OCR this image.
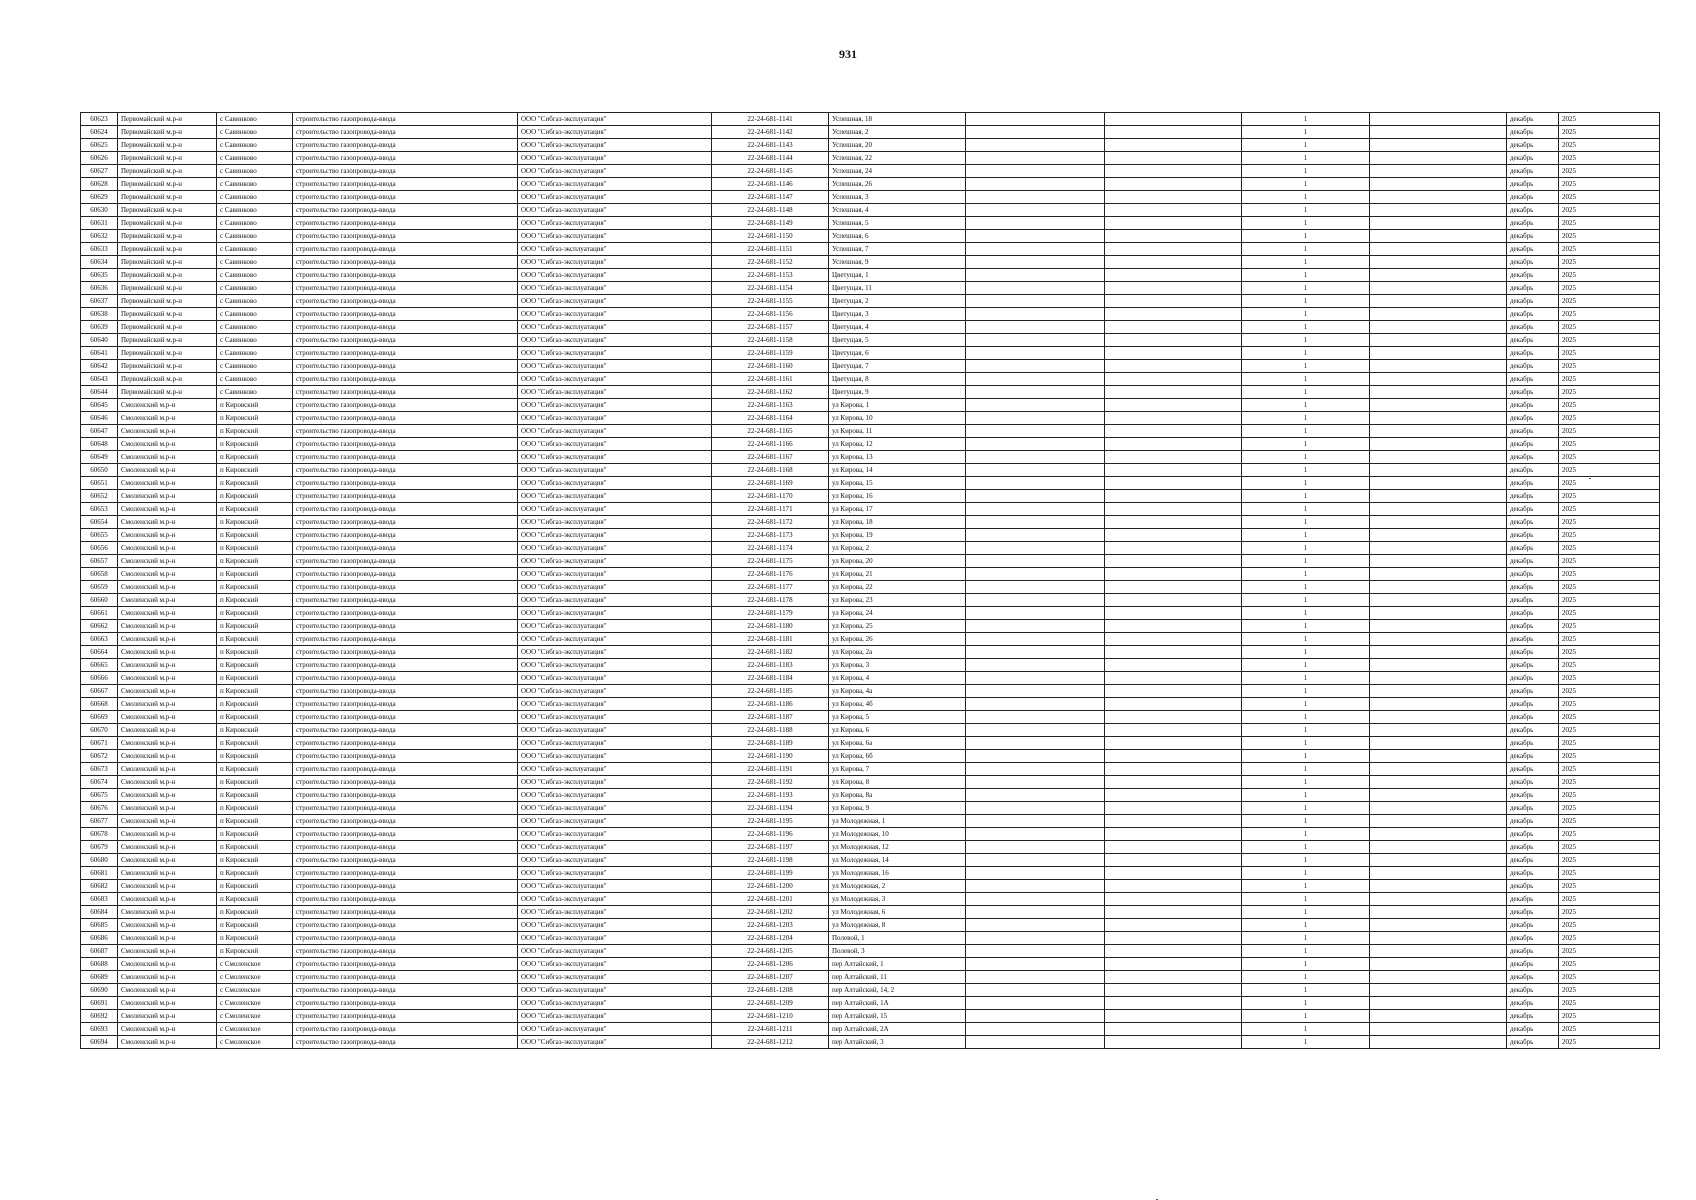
931
60623	Первомайский м.р-н	с Савинково	строительство газопровода-ввода	ООО "Сибгаз-эксплуатация"	22-24-681-1141	Успешная, 18			1		декабрь	2025
60624	Первомайский м.р-н	с Савинково	строительство газопровода-ввода	ООО "Сибгаз-эксплуатация"	22-24-681-1142	Успешная, 2			1		декабрь	2025
60625	Первомайский м.р-н	с Савинково	строительство газопровода-ввода	ООО "Сибгаз-эксплуатация"	22-24-681-1143	Успешная, 20			1		декабрь	2025
60626	Первомайский м.р-н	с Савинково	строительство газопровода-ввода	ООО "Сибгаз-эксплуатация"	22-24-681-1144	Успешная, 22			1		декабрь	2025
60627	Первомайский м.р-н	с Савинково	строительство газопровода-ввода	ООО "Сибгаз-эксплуатация"	22-24-681-1145	Успешная, 24			1		декабрь	2025
60628	Первомайский м.р-н	с Савинково	строительство газопровода-ввода	ООО "Сибгаз-эксплуатация"	22-24-681-1146	Успешная, 26			1		декабрь	2025
60629	Первомайский м.р-н	с Савинково	строительство газопровода-ввода	ООО "Сибгаз-эксплуатация"	22-24-681-1147	Успешная, 3			1		декабрь	2025
60630	Первомайский м.р-н	с Савинково	строительство газопровода-ввода	ООО "Сибгаз-эксплуатация"	22-24-681-1148	Успешная, 4			1		декабрь	2025
60631	Первомайский м.р-н	с Савинково	строительство газопровода-ввода	ООО "Сибгаз-эксплуатация"	22-24-681-1149	Успешная, 5			1		декабрь	2025
60632	Первомайский м.р-н	с Савинково	строительство газопровода-ввода	ООО "Сибгаз-эксплуатация"	22-24-681-1150	Успешная, 6			1		декабрь	2025
60633	Первомайский м.р-н	с Савинково	строительство газопровода-ввода	ООО "Сибгаз-эксплуатация"	22-24-681-1151	Успешная, 7			1		декабрь	2025
60634	Первомайский м.р-н	с Савинково	строительство газопровода-ввода	ООО "Сибгаз-эксплуатация"	22-24-681-1152	Успешная, 9			1		декабрь	2025
60635	Первомайский м.р-н	с Савинково	строительство газопровода-ввода	ООО "Сибгаз-эксплуатация"	22-24-681-1153	Цветущая, 1			1		декабрь	2025
60636	Первомайский м.р-н	с Савинково	строительство газопровода-ввода	ООО "Сибгаз-эксплуатация"	22-24-681-1154	Цветущая, 11			1		декабрь	2025
60637	Первомайский м.р-н	с Савинково	строительство газопровода-ввода	ООО "Сибгаз-эксплуатация"	22-24-681-1155	Цветущая, 2			1		декабрь	2025
60638	Первомайский м.р-н	с Савинково	строительство газопровода-ввода	ООО "Сибгаз-эксплуатация"	22-24-681-1156	Цветущая, 3			1		декабрь	2025
60639	Первомайский м.р-н	с Савинково	строительство газопровода-ввода	ООО "Сибгаз-эксплуатация"	22-24-681-1157	Цветущая, 4			1		декабрь	2025
60640	Первомайский м.р-н	с Савинково	строительство газопровода-ввода	ООО "Сибгаз-эксплуатация"	22-24-681-1158	Цветущая, 5			1		декабрь	2025
60641	Первомайский м.р-н	с Савинково	строительство газопровода-ввода	ООО "Сибгаз-эксплуатация"	22-24-681-1159	Цветущая, 6			1		декабрь	2025
60642	Первомайский м.р-н	с Савинково	строительство газопровода-ввода	ООО "Сибгаз-эксплуатация"	22-24-681-1160	Цветущая, 7			1		декабрь	2025
60643	Первомайский м.р-н	с Савинково	строительство газопровода-ввода	ООО "Сибгаз-эксплуатация"	22-24-681-1161	Цветущая, 8			1		декабрь	2025
60644	Первомайский м.р-н	с Савинково	строительство газопровода-ввода	ООО "Сибгаз-эксплуатация"	22-24-681-1162	Цветущая, 9			1		декабрь	2025
60645	Смоленский м.р-н	п Кировский	строительство газопровода-ввода	ООО "Сибгаз-эксплуатация"	22-24-681-1163	ул Кирова, 1			1		декабрь	2025
60646	Смоленский м.р-н	п Кировский	строительство газопровода-ввода	ООО "Сибгаз-эксплуатация"	22-24-681-1164	ул Кирова, 10			1		декабрь	2025
60647	Смоленский м.р-н	п Кировский	строительство газопровода-ввода	ООО "Сибгаз-эксплуатация"	22-24-681-1165	ул Кирова, 11			1		декабрь	2025
60648	Смоленский м.р-н	п Кировский	строительство газопровода-ввода	ООО "Сибгаз-эксплуатация"	22-24-681-1166	ул Кирова, 12			1		декабрь	2025
60649	Смоленский м.р-н	п Кировский	строительство газопровода-ввода	ООО "Сибгаз-эксплуатация"	22-24-681-1167	ул Кирова, 13			1		декабрь	2025
60650	Смоленский м.р-н	п Кировский	строительство газопровода-ввода	ООО "Сибгаз-эксплуатация"	22-24-681-1168	ул Кирова, 14			1		декабрь	2025
60651	Смоленский м.р-н	п Кировский	строительство газопровода-ввода	ООО "Сибгаз-эксплуатация"	22-24-681-1169	ул Кирова, 15			1		декабрь	2025
60652	Смоленский м.р-н	п Кировский	строительство газопровода-ввода	ООО "Сибгаз-эксплуатация"	22-24-681-1170	ул Кирова, 16			1		декабрь	2025
60653	Смоленский м.р-н	п Кировский	строительство газопровода-ввода	ООО "Сибгаз-эксплуатация"	22-24-681-1171	ул Кирова, 17			1		декабрь	2025
60654	Смоленский м.р-н	п Кировский	строительство газопровода-ввода	ООО "Сибгаз-эксплуатация"	22-24-681-1172	ул Кирова, 18			1		декабрь	2025
60655	Смоленский м.р-н	п Кировский	строительство газопровода-ввода	ООО "Сибгаз-эксплуатация"	22-24-681-1173	ул Кирова, 19			1		декабрь	2025
60656	Смоленский м.р-н	п Кировский	строительство газопровода-ввода	ООО "Сибгаз-эксплуатация"	22-24-681-1174	ул Кирова, 2			1		декабрь	2025
60657	Смоленский м.р-н	п Кировский	строительство газопровода-ввода	ООО "Сибгаз-эксплуатация"	22-24-681-1175	ул Кирова, 20			1		декабрь	2025
60658	Смоленский м.р-н	п Кировский	строительство газопровода-ввода	ООО "Сибгаз-эксплуатация"	22-24-681-1176	ул Кирова, 21			1		декабрь	2025
60659	Смоленский м.р-н	п Кировский	строительство газопровода-ввода	ООО "Сибгаз-эксплуатация"	22-24-681-1177	ул Кирова, 22			1		декабрь	2025
60660	Смоленский м.р-н	п Кировский	строительство газопровода-ввода	ООО "Сибгаз-эксплуатация"	22-24-681-1178	ул Кирова, 23			1		декабрь	2025
60661	Смоленский м.р-н	п Кировский	строительство газопровода-ввода	ООО "Сибгаз-эксплуатация"	22-24-681-1179	ул Кирова, 24			1		декабрь	2025
60662	Смоленский м.р-н	п Кировский	строительство газопровода-ввода	ООО "Сибгаз-эксплуатация"	22-24-681-1180	ул Кирова, 25			1		декабрь	2025
60663	Смоленский м.р-н	п Кировский	строительство газопровода-ввода	ООО "Сибгаз-эксплуатация"	22-24-681-1181	ул Кирова, 26			1		декабрь	2025
60664	Смоленский м.р-н	п Кировский	строительство газопровода-ввода	ООО "Сибгаз-эксплуатация"	22-24-681-1182	ул Кирова, 2а			1		декабрь	2025
60665	Смоленский м.р-н	п Кировский	строительство газопровода-ввода	ООО "Сибгаз-эксплуатация"	22-24-681-1183	ул Кирова, 3			1		декабрь	2025
60666	Смоленский м.р-н	п Кировский	строительство газопровода-ввода	ООО "Сибгаз-эксплуатация"	22-24-681-1184	ул Кирова, 4			1		декабрь	2025
60667	Смоленский м.р-н	п Кировский	строительство газопровода-ввода	ООО "Сибгаз-эксплуатация"	22-24-681-1185	ул Кирова, 4а			1		декабрь	2025
60668	Смоленский м.р-н	п Кировский	строительство газопровода-ввода	ООО "Сибгаз-эксплуатация"	22-24-681-1186	ул Кирова, 4б			1		декабрь	2025
60669	Смоленский м.р-н	п Кировский	строительство газопровода-ввода	ООО "Сибгаз-эксплуатация"	22-24-681-1187	ул Кирова, 5			1		декабрь	2025
60670	Смоленский м.р-н	п Кировский	строительство газопровода-ввода	ООО "Сибгаз-эксплуатация"	22-24-681-1188	ул Кирова, 6			1		декабрь	2025
60671	Смоленский м.р-н	п Кировский	строительство газопровода-ввода	ООО "Сибгаз-эксплуатация"	22-24-681-1189	ул Кирова, 6а			1		декабрь	2025
60672	Смоленский м.р-н	п Кировский	строительство газопровода-ввода	ООО "Сибгаз-эксплуатация"	22-24-681-1190	ул Кирова, 6б			1		декабрь	2025
60673	Смоленский м.р-н	п Кировский	строительство газопровода-ввода	ООО "Сибгаз-эксплуатация"	22-24-681-1191	ул Кирова, 7			1		декабрь	2025
60674	Смоленский м.р-н	п Кировский	строительство газопровода-ввода	ООО "Сибгаз-эксплуатация"	22-24-681-1192	ул Кирова, 8			1		декабрь	2025
60675	Смоленский м.р-н	п Кировский	строительство газопровода-ввода	ООО "Сибгаз-эксплуатация"	22-24-681-1193	ул Кирова, 8а			1		декабрь	2025
60676	Смоленский м.р-н	п Кировский	строительство газопровода-ввода	ООО "Сибгаз-эксплуатация"	22-24-681-1194	ул Кирова, 9			1		декабрь	2025
60677	Смоленский м.р-н	п Кировский	строительство газопровода-ввода	ООО "Сибгаз-эксплуатация"	22-24-681-1195	ул Молодежная, 1			1		декабрь	2025
60678	Смоленский м.р-н	п Кировский	строительство газопровода-ввода	ООО "Сибгаз-эксплуатация"	22-24-681-1196	ул Молодежная, 10			1		декабрь	2025
60679	Смоленский м.р-н	п Кировский	строительство газопровода-ввода	ООО "Сибгаз-эксплуатация"	22-24-681-1197	ул Молодежная, 12			1		декабрь	2025
60680	Смоленский м.р-н	п Кировский	строительство газопровода-ввода	ООО "Сибгаз-эксплуатация"	22-24-681-1198	ул Молодежная, 14			1		декабрь	2025
60681	Смоленский м.р-н	п Кировский	строительство газопровода-ввода	ООО "Сибгаз-эксплуатация"	22-24-681-1199	ул Молодежная, 16			1		декабрь	2025
60682	Смоленский м.р-н	п Кировский	строительство газопровода-ввода	ООО "Сибгаз-эксплуатация"	22-24-681-1200	ул Молодежная, 2			1		декабрь	2025
60683	Смоленский м.р-н	п Кировский	строительство газопровода-ввода	ООО "Сибгаз-эксплуатация"	22-24-681-1201	ул Молодежная, 3			1		декабрь	2025
60684	Смоленский м.р-н	п Кировский	строительство газопровода-ввода	ООО "Сибгаз-эксплуатация"	22-24-681-1202	ул Молодежная, 6			1		декабрь	2025
60685	Смоленский м.р-н	п Кировский	строительство газопровода-ввода	ООО "Сибгаз-эксплуатация"	22-24-681-1203	ул Молодежная, 8			1		декабрь	2025
60686	Смоленский м.р-н	п Кировский	строительство газопровода-ввода	ООО "Сибгаз-эксплуатация"	22-24-681-1204	Полевой, 1			1		декабрь	2025
60687	Смоленский м.р-н	п Кировский	строительство газопровода-ввода	ООО "Сибгаз-эксплуатация"	22-24-681-1205	Полевой, 3			1		декабрь	2025
60688	Смоленский м.р-н	с Смоленское	строительство газопровода-ввода	ООО "Сибгаз-эксплуатация"	22-24-681-1206	пер Алтайский, 1			1		декабрь	2025
60689	Смоленский м.р-н	с Смоленское	строительство газопровода-ввода	ООО "Сибгаз-эксплуатация"	22-24-681-1207	пер Алтайский, 11			1		декабрь	2025
60690	Смоленский м.р-н	с Смоленское	строительство газопровода-ввода	ООО "Сибгаз-эксплуатация"	22-24-681-1208	пер Алтайский, 14, 2			1		декабрь	2025
60691	Смоленский м.р-н	с Смоленское	строительство газопровода-ввода	ООО "Сибгаз-эксплуатация"	22-24-681-1209	пер Алтайский, 1А			1		декабрь	2025
60692	Смоленский м.р-н	с Смоленское	строительство газопровода-ввода	ООО "Сибгаз-эксплуатация"	22-24-681-1210	пер Алтайский, 15			1		декабрь	2025
60693	Смоленский м.р-н	с Смоленское	строительство газопровода-ввода	ООО "Сибгаз-эксплуатация"	22-24-681-1211	пер Алтайский, 2А			1		декабрь	2025
60694	Смоленский м.р-н	с Смоленское	строительство газопровода-ввода	ООО "Сибгаз-эксплуатация"	22-24-681-1212	пер Алтайский, 3			1		декабрь	2025
